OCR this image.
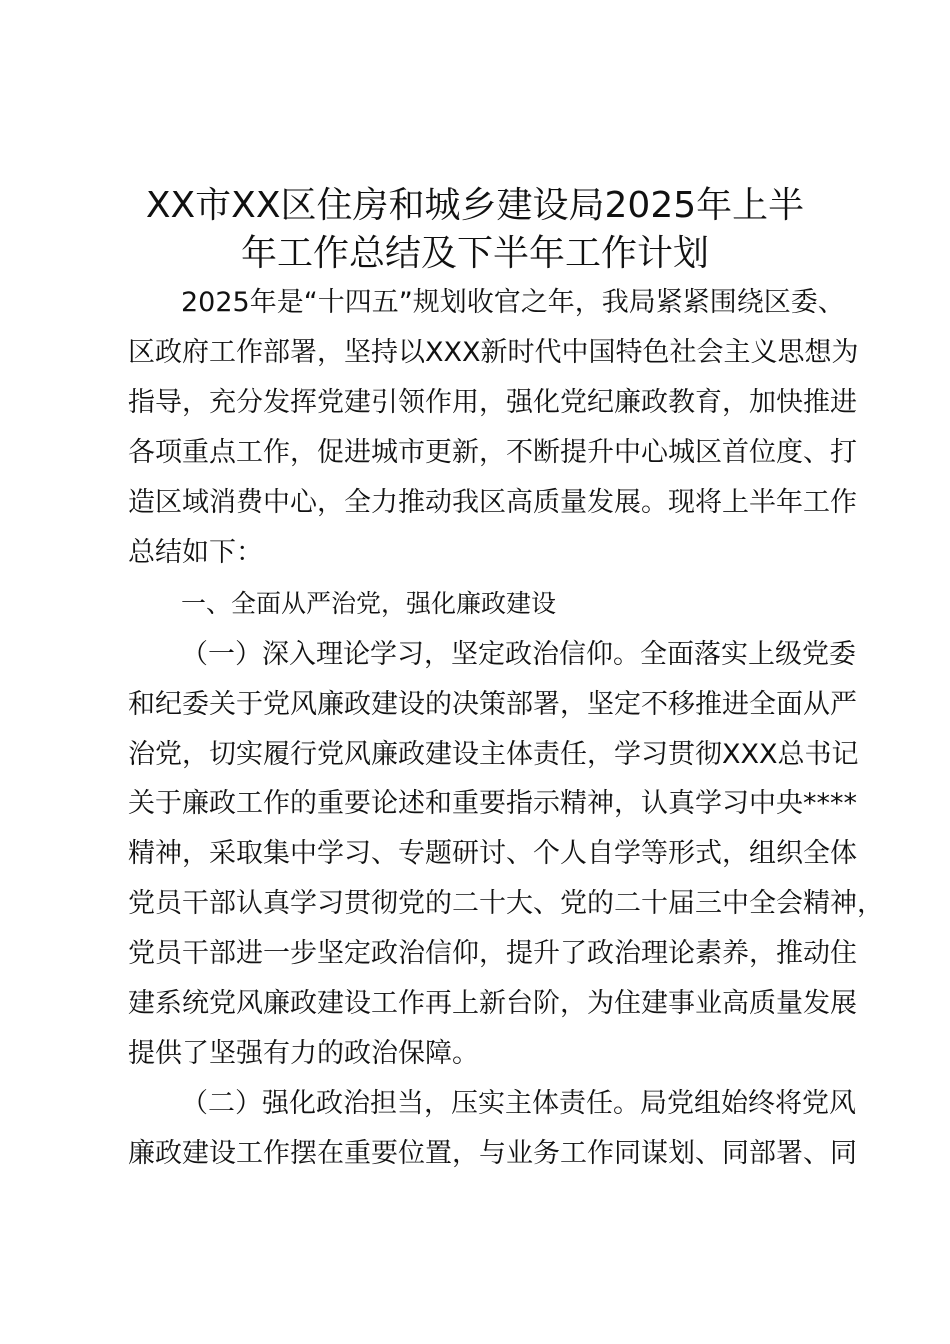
XX市XX区住房和城乡建设局2025年上半
年工作总结及下半年工作计划
2025年是“十四五”规划收官之年，我局紧紧围绕区委、
区政府工作部署，坚持以XXX新时代中国特色社会主义思想为
指导，充分发挥党建引领作用，强化党纪廉政教育，加快推进
各项重点工作，促进城市更新，不断提升中心城区首位度、打
造区域消费中心，全力推动我区高质量发展。现将上半年工作
总结如下：
一、全面从严治党，强化廉政建设
（一）深入理论学习，坚定政治信仰。全面落实上级党委
和纪委关于党风廉政建设的决策部署，坚定不移推进全面从严
治党，切实履行党风廉政建设主体责任，学习贯彻XXX总书记
关于廉政工作的重要论述和重要指示精神，认真学习中央****
精神，采取集中学习、专题研讨、个人自学等形式，组织全体
党员干部认真学习贯彻党的二十大、党的二十届三中全会精神，
党员干部进一步坚定政治信仰，提升了政治理论素养，推动住
建系统党风廉政建设工作再上新台阶，为住建事业高质量发展
提供了坚强有力的政治保障。
（二）强化政治担当，压实主体责任。局党组始终将党风
廉政建设工作摆在重要位置，与业务工作同谋划、同部署、同
